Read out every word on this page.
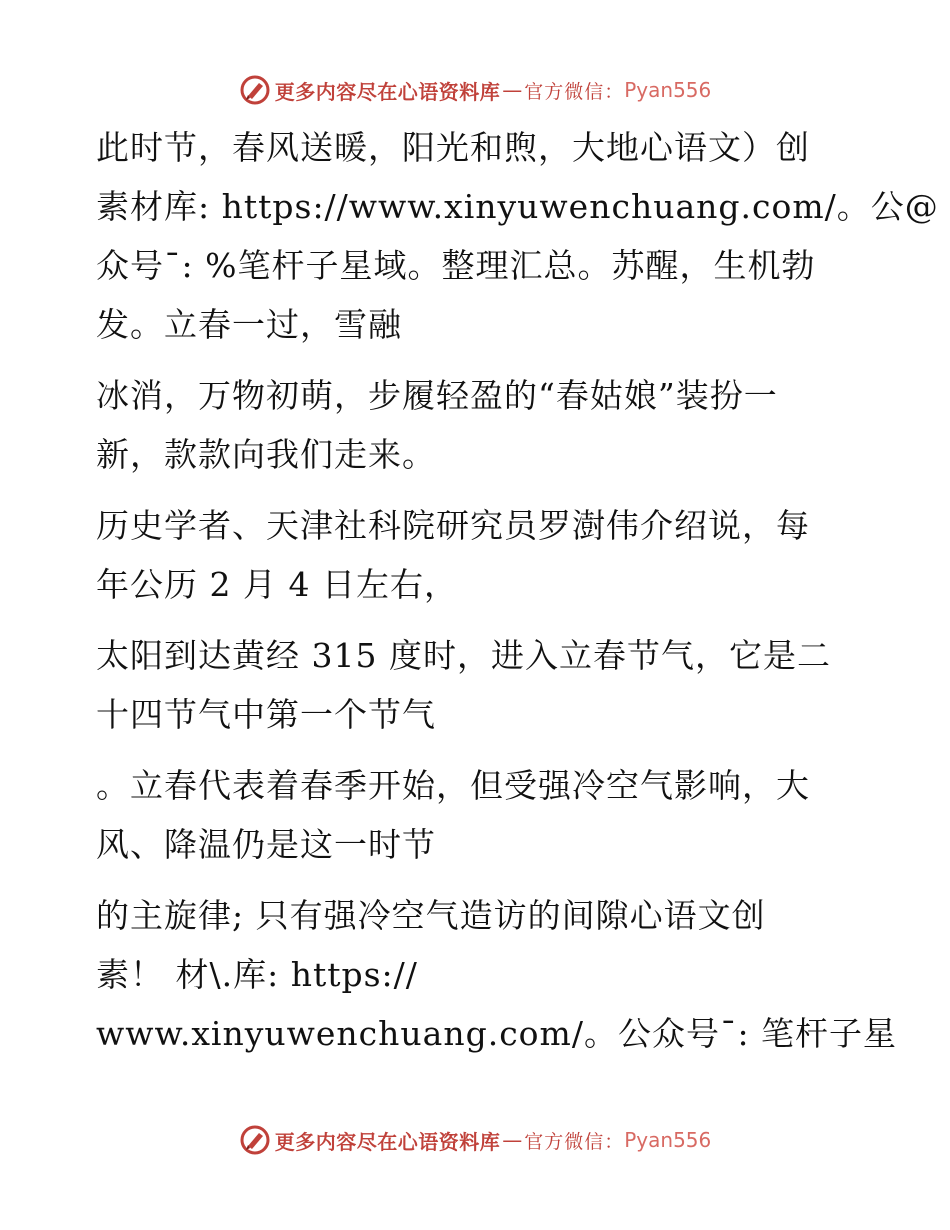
更多内容尽在心语资料库 — 官方微信： Pyan556

此时节，春风送暖，阳光和煦，大地心语文）创
素材库: https://www.xinyuwenchuang.com/。公@
众号¯: %笔杆子星域。整理汇总。苏醒，生机勃
发。立春一过，雪融

冰消，万物初萌，步履轻盈的“春姑娘”装扮一
新，款款向我们走来。

历史学者、天津社科院研究员罗澍伟介绍说，每
年公历 2 月 4 日左右，

太阳到达黄经 315 度时，进入立春节气，它是二
十四节气中第一个节气

。立春代表着春季开始，但受强冷空气影响，大
风、降温仍是这一时节

的主旋律; 只有强冷空气造访的间隙心语文创
素！ 材\.库: https://
www.xinyuwenchuang.com/。公众号¯: 笔杆子星

更多内容尽在心语资料库 — 官方微信： Pyan556
